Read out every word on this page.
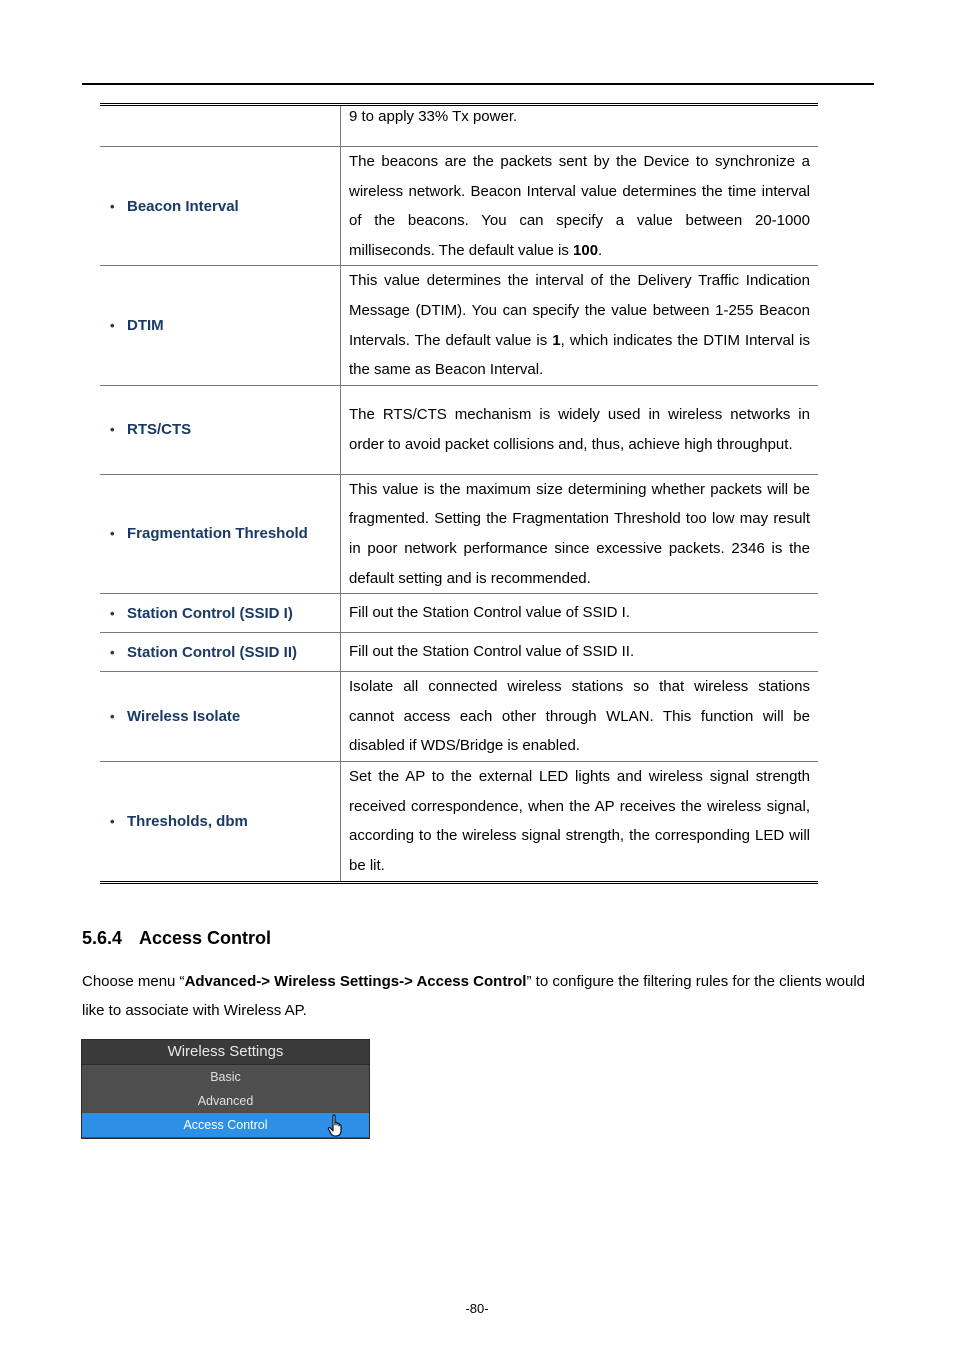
	9 to apply 33% Tx power.
• Beacon Interval	The beacons are the packets sent by the Device to synchronize a wireless network. Beacon Interval value determines the time interval of the beacons. You can specify a value between 20-1000 milliseconds. The default value is 100.
• DTIM	This value determines the interval of the Delivery Traffic Indication Message (DTIM). You can specify the value between 1-255 Beacon Intervals. The default value is 1, which indicates the DTIM Interval is the same as Beacon Interval.
• RTS/CTS	The RTS/CTS mechanism is widely used in wireless networks in order to avoid packet collisions and, thus, achieve high throughput.
• Fragmentation Threshold	This value is the maximum size determining whether packets will be fragmented. Setting the Fragmentation Threshold too low may result in poor network performance since excessive packets. 2346 is the default setting and is recommended.
• Station Control (SSID I)	Fill out the Station Control value of SSID I.
• Station Control (SSID II)	Fill out the Station Control value of SSID II.
• Wireless Isolate	Isolate all connected wireless stations so that wireless stations cannot access each other through WLAN. This function will be disabled if WDS/Bridge is enabled.
• Thresholds, dbm	Set the AP to the external LED lights and wireless signal strength received correspondence, when the AP receives the wireless signal, according to the wireless signal strength, the corresponding LED will be lit.
5.6.4 Access Control
Choose menu “Advanced-> Wireless Settings-> Access Control” to configure the filtering rules for the clients would like to associate with Wireless AP.
Wireless Settings
Basic
Advanced
Access Control
-80-
